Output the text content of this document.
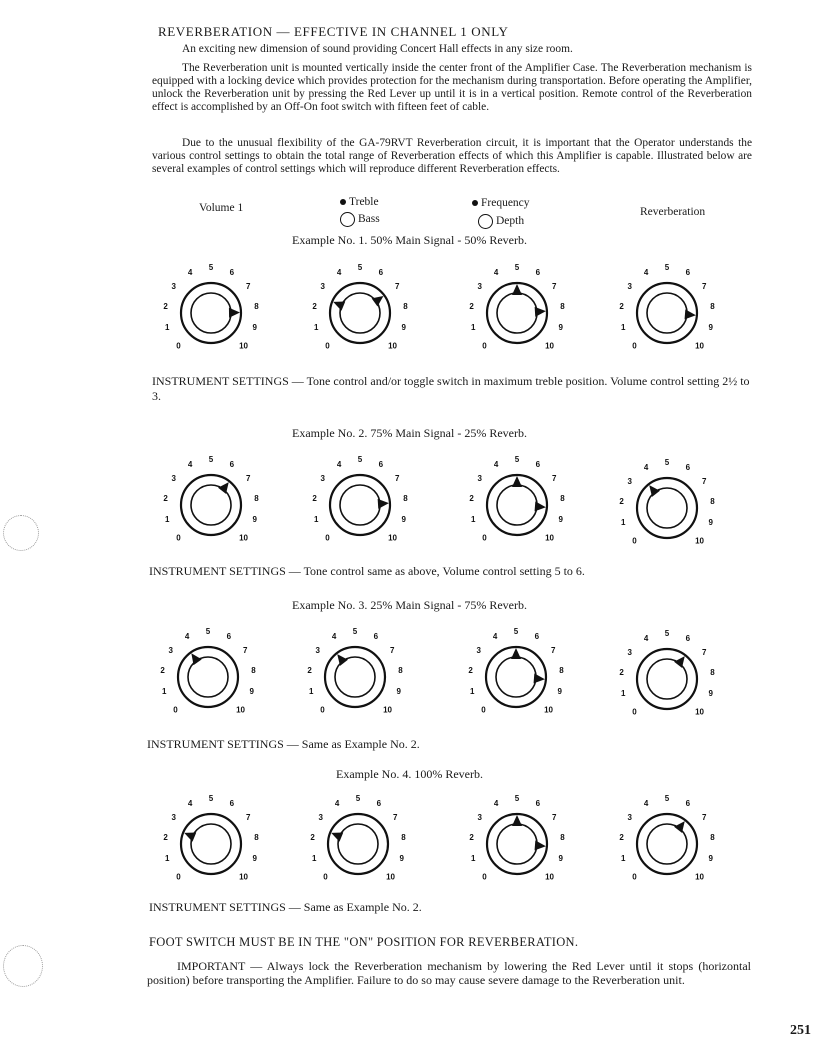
REVERBERATION — EFFECTIVE IN CHANNEL 1 ONLY
An exciting new dimension of sound providing Concert Hall effects in any size room.
The Reverberation unit is mounted vertically inside the center front of the Amplifier Case. The Reverberation mechanism is equipped with a locking device which provides protection for the mechanism during transportation. Before operating the Amplifier, unlock the Reverberation unit by pressing the Red Lever up until it is in a vertical position. Remote control of the Reverberation effect is accomplished by an Off-On foot switch with fifteen feet of cable.
Due to the unusual flexibility of the GA-79RVT Reverberation circuit, it is important that the Operator understands the various control settings to obtain the total range of Reverberation effects of which this Amplifier is capable. Illustrated below are several examples of control settings which will reproduce different Reverberation effects.
Volume 1	Treble
Bass
Frequency
Depth
Reverberation
Example No. 1. 50% Main Signal - 50% Reverb.
0
1
2
3
4
5
6
7
8
9
10	0
1
2
3
4
5
6
7
8
9
10	0
1
2
3
4
5
6
7
8
9
10	0
1
2
3
4
5
6
7
8
9
10
INSTRUMENT SETTINGS — Tone control and/or toggle switch in maximum treble position. Volume control setting 2½ to 3.
Example No. 2. 75% Main Signal - 25% Reverb.
0
1
2
3
4
5
6
7
8
9
10	0
1
2
3
4
5
6
7
8
9
10	0
1
2
3
4
5
6
7
8
9
10	0
1
2
3
4
5
6
7
8
9
10
INSTRUMENT SETTINGS — Tone control same as above, Volume control setting 5 to 6.
Example No. 3. 25% Main Signal - 75% Reverb.
0
1
2
3
4
5
6
7
8
9
10	0
1
2
3
4
5
6
7
8
9
10	0
1
2
3
4
5
6
7
8
9
10	0
1
2
3
4
5
6
7
8
9
10
INSTRUMENT SETTINGS — Same as Example No. 2.
Example No. 4. 100% Reverb.
0
1
2
3
4
5
6
7
8
9
10	0
1
2
3
4
5
6
7
8
9
10	0
1
2
3
4
5
6
7
8
9
10	0
1
2
3
4
5
6
7
8
9
10
INSTRUMENT SETTINGS — Same as Example No. 2.
FOOT SWITCH MUST BE IN THE "ON" POSITION FOR REVERBERATION.
IMPORTANT — Always lock the Reverberation mechanism by lowering the Red Lever until it stops (horizontal position) before transporting the Amplifier. Failure to do so may cause severe damage to the Reverberation unit.
251
